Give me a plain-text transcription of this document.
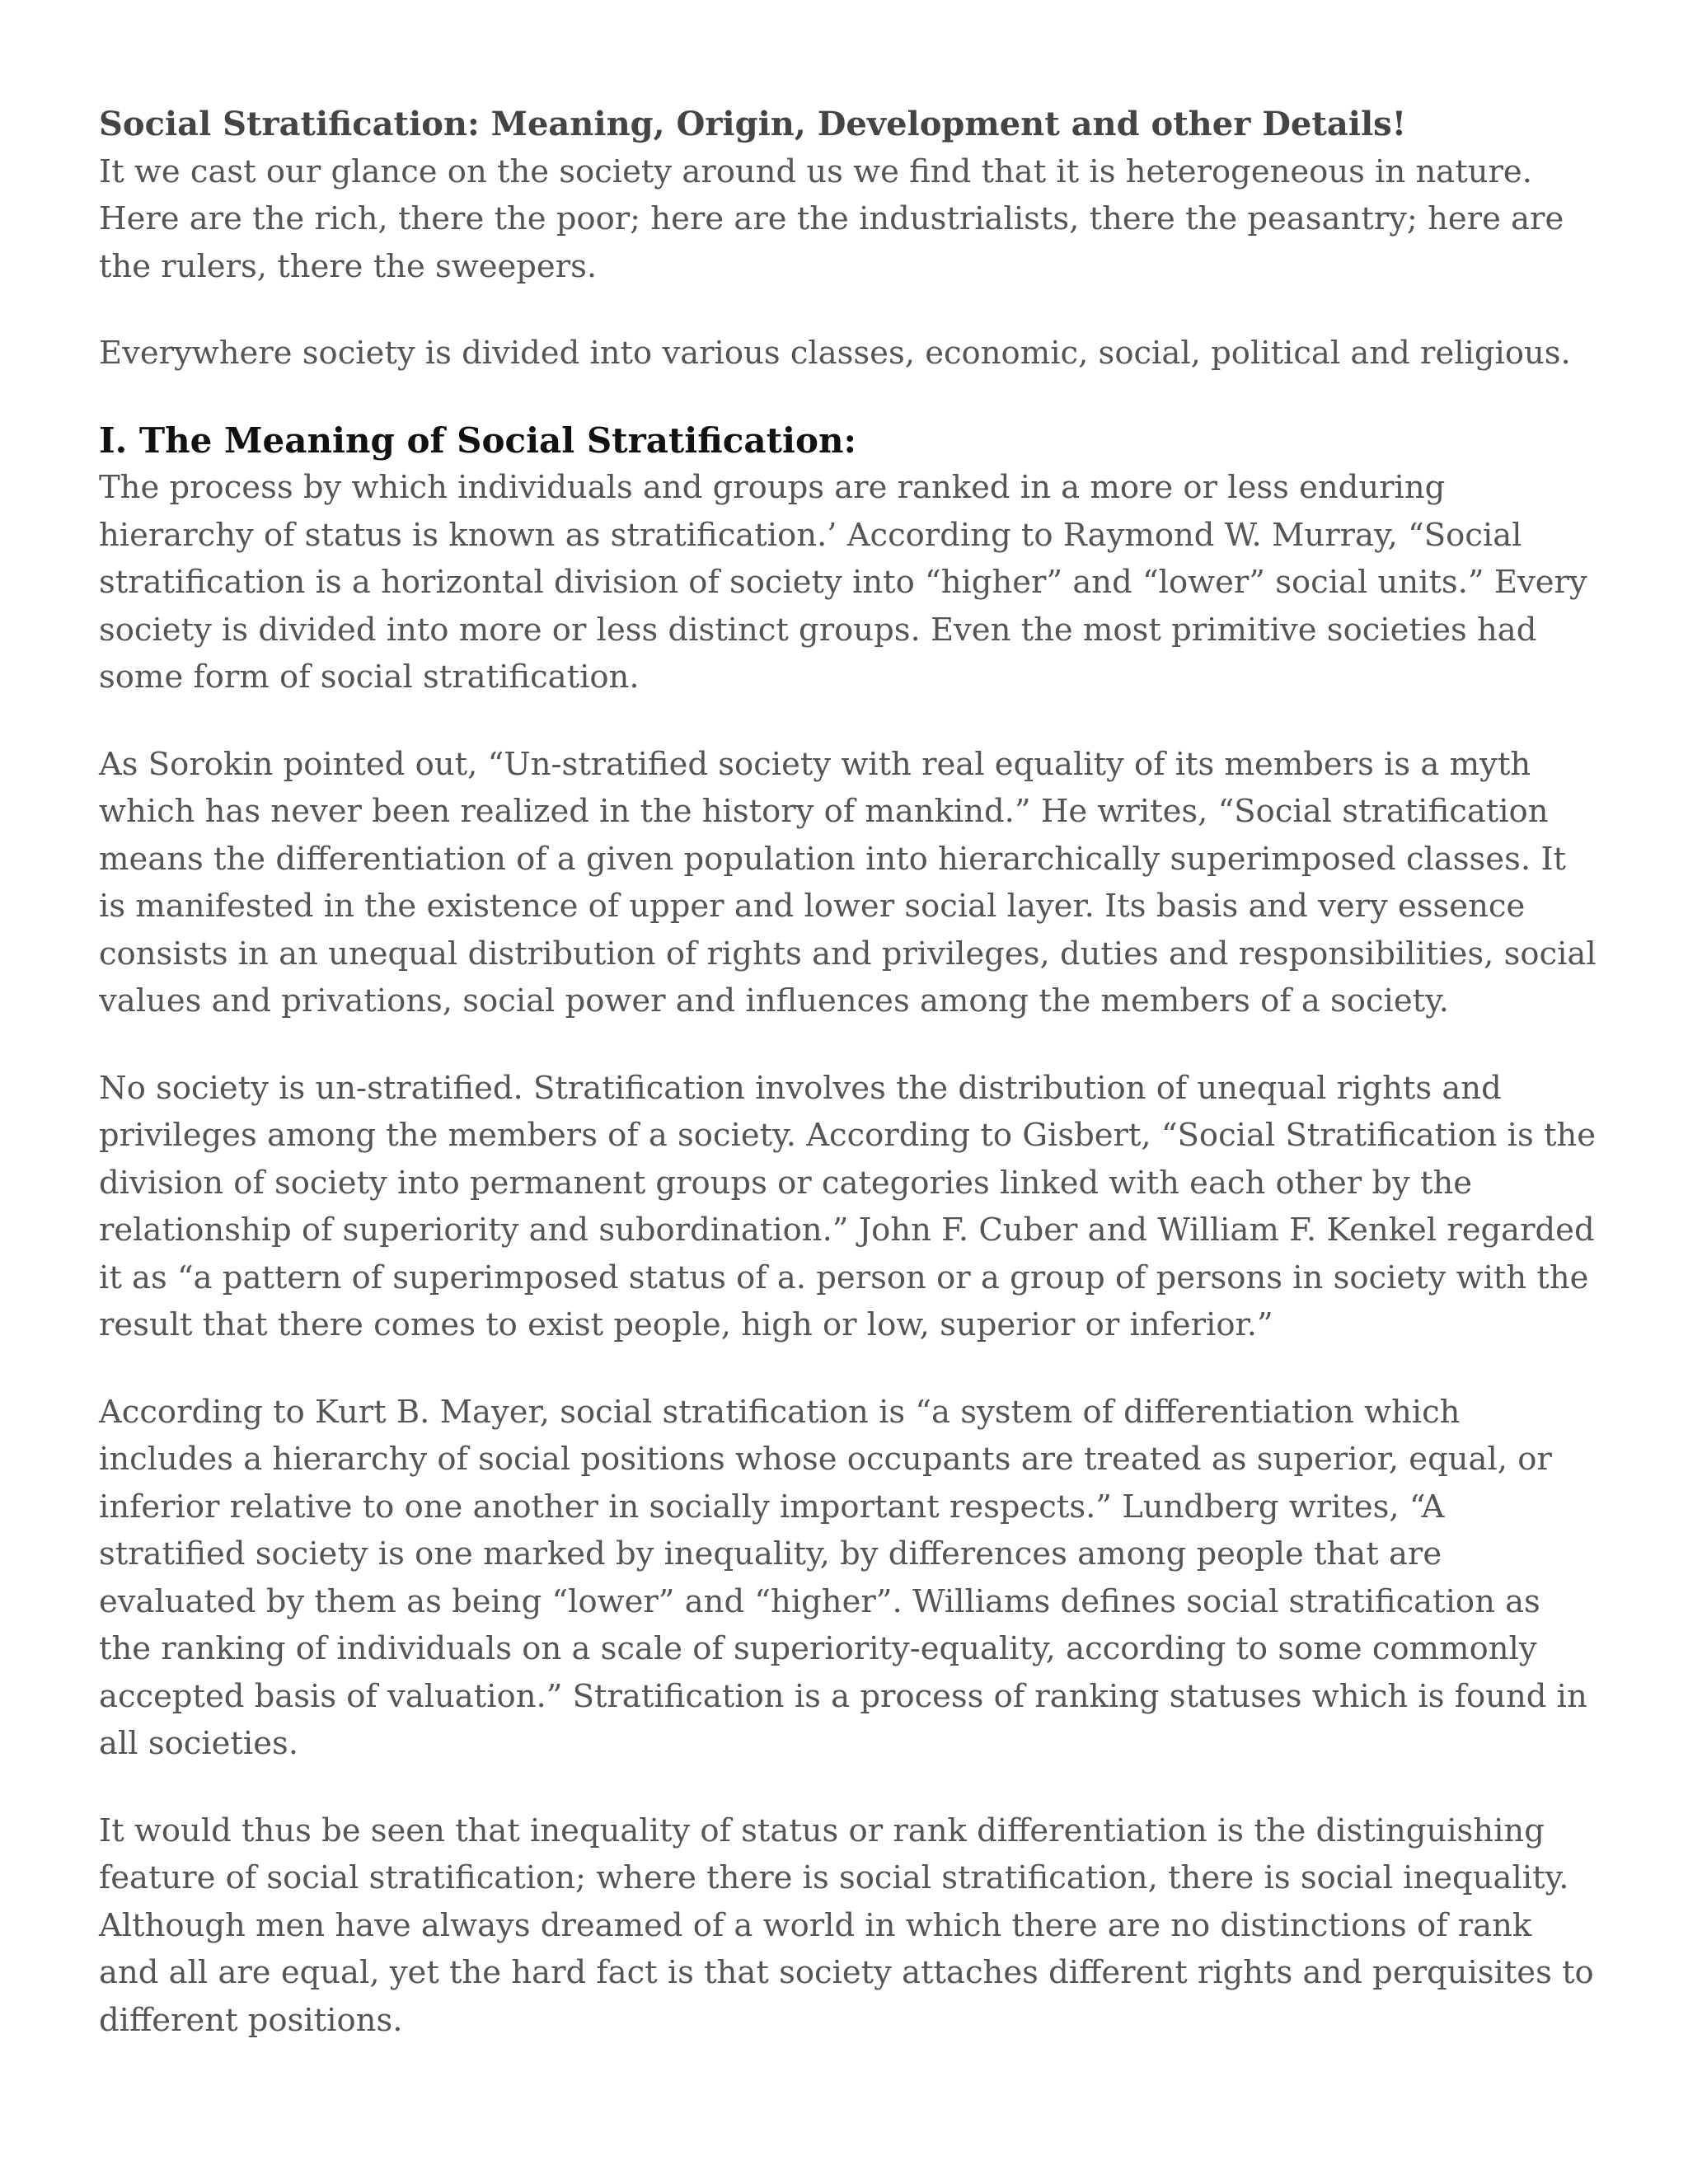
Social Stratification: Meaning, Origin, Development and other Details!

It we cast our glance on the society around us we find that it is heterogeneous in nature. Here are the rich, there the poor; here are the industrialists, there the peasantry; here are the rulers, there the sweepers.

Everywhere society is divided into various classes, economic, social, political and religious.

I. The Meaning of Social Stratification:

The process by which individuals and groups are ranked in a more or less enduring hierarchy of status is known as stratification.’ According to Raymond W. Murray, “Social stratification is a horizontal division of society into “higher” and “lower” social units.” Every society is divided into more or less distinct groups. Even the most primitive societies had some form of social stratification.

As Sorokin pointed out, “Un-stratified society with real equality of its members is a myth which has never been realized in the history of mankind.” He writes, “Social stratification means the differentiation of a given population into hierarchically superimposed classes. It is manifested in the existence of upper and lower social layer. Its basis and very essence consists in an unequal distribution of rights and privileges, duties and responsibilities, social values and privations, social power and influences among the members of a society.

No society is un-stratified. Stratification involves the distribution of unequal rights and privileges among the members of a society. According to Gisbert, “Social Stratification is the division of society into permanent groups or categories linked with each other by the relationship of superiority and subordination.” John F. Cuber and William F. Kenkel regarded it as “a pattern of superimposed status of a. person or a group of persons in society with the result that there comes to exist people, high or low, superior or inferior.”

According to Kurt B. Mayer, social stratification is “a system of differentiation which includes a hierarchy of social positions whose occupants are treated as superior, equal, or inferior relative to one another in socially important respects.” Lundberg writes, “A stratified society is one marked by inequality, by differences among people that are evaluated by them as being “lower” and “higher”. Williams defines social stratification as the ranking of individuals on a scale of superiority-equality, according to some commonly accepted basis of valuation.” Stratification is a process of ranking statuses which is found in all societies.

It would thus be seen that inequality of status or rank differentiation is the distinguishing feature of social stratification; where there is social stratification, there is social inequality. Although men have always dreamed of a world in which there are no distinctions of rank and all are equal, yet the hard fact is that society attaches different rights and perquisites to different positions.
